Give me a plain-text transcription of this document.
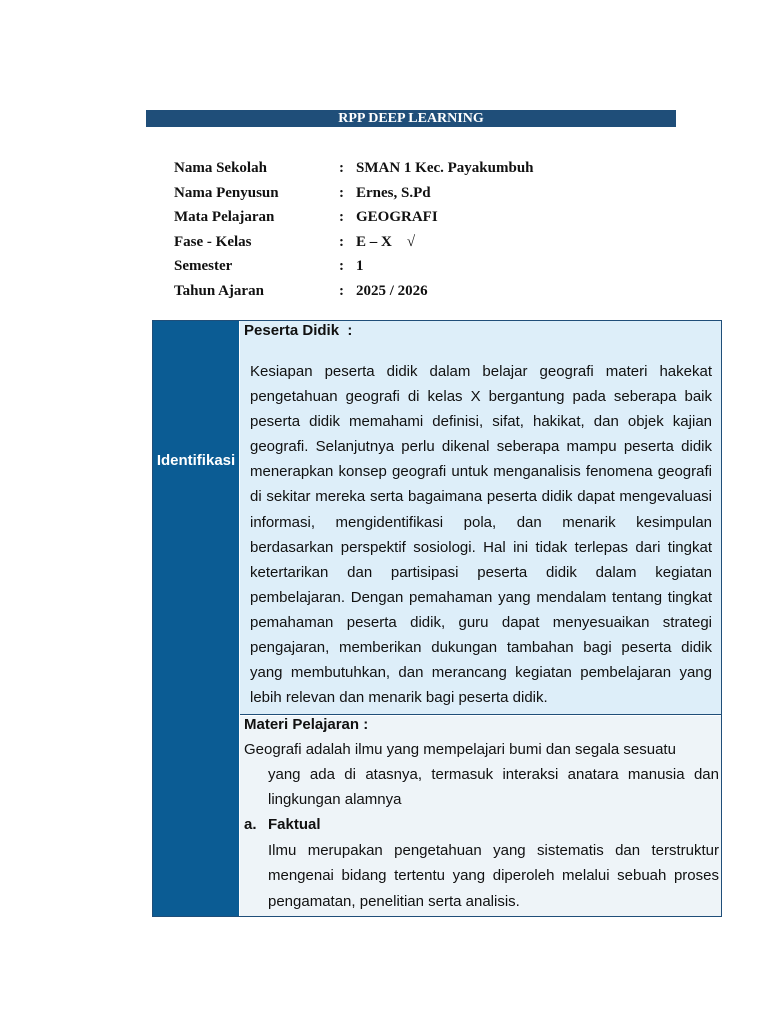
RPP DEEP LEARNING
Nama Sekolah	: SMAN 1 Kec. Payakumbuh
Nama Penyusun	: Ernes, S.Pd
Mata Pelajaran	: GEOGRAFI
Fase - Kelas	: E – X    √
Semester	: 1
Tahun Ajaran	: 2025 / 2026
Identifikasi
Peserta Didik  :
Kesiapan peserta didik dalam belajar geografi materi hakekat pengetahuan geografi di kelas X bergantung pada seberapa baik peserta didik memahami definisi, sifat, hakikat, dan objek kajian geografi. Selanjutnya perlu dikenal seberapa mampu peserta didik menerapkan konsep geografi untuk menganalisis fenomena geografi di sekitar mereka serta bagaimana peserta didik dapat mengevaluasi informasi, mengidentifikasi pola, dan menarik kesimpulan berdasarkan perspektif sosiologi. Hal ini tidak terlepas dari tingkat ketertarikan dan partisipasi peserta didik dalam kegiatan pembelajaran. Dengan pemahaman yang mendalam tentang tingkat pemahaman peserta didik, guru dapat menyesuaikan strategi pengajaran, memberikan dukungan tambahan bagi peserta didik yang membutuhkan, dan merancang kegiatan pembelajaran yang lebih relevan dan menarik bagi peserta didik.
Materi Pelajaran :
Geografi adalah ilmu yang mempelajari bumi dan segala sesuatu
yang ada di atasnya, termasuk interaksi anatara manusia dan lingkungan alamnya
a. Faktual
Ilmu merupakan pengetahuan yang sistematis dan terstruktur mengenai bidang tertentu yang diperoleh melalui sebuah proses pengamatan, penelitian serta analisis.
